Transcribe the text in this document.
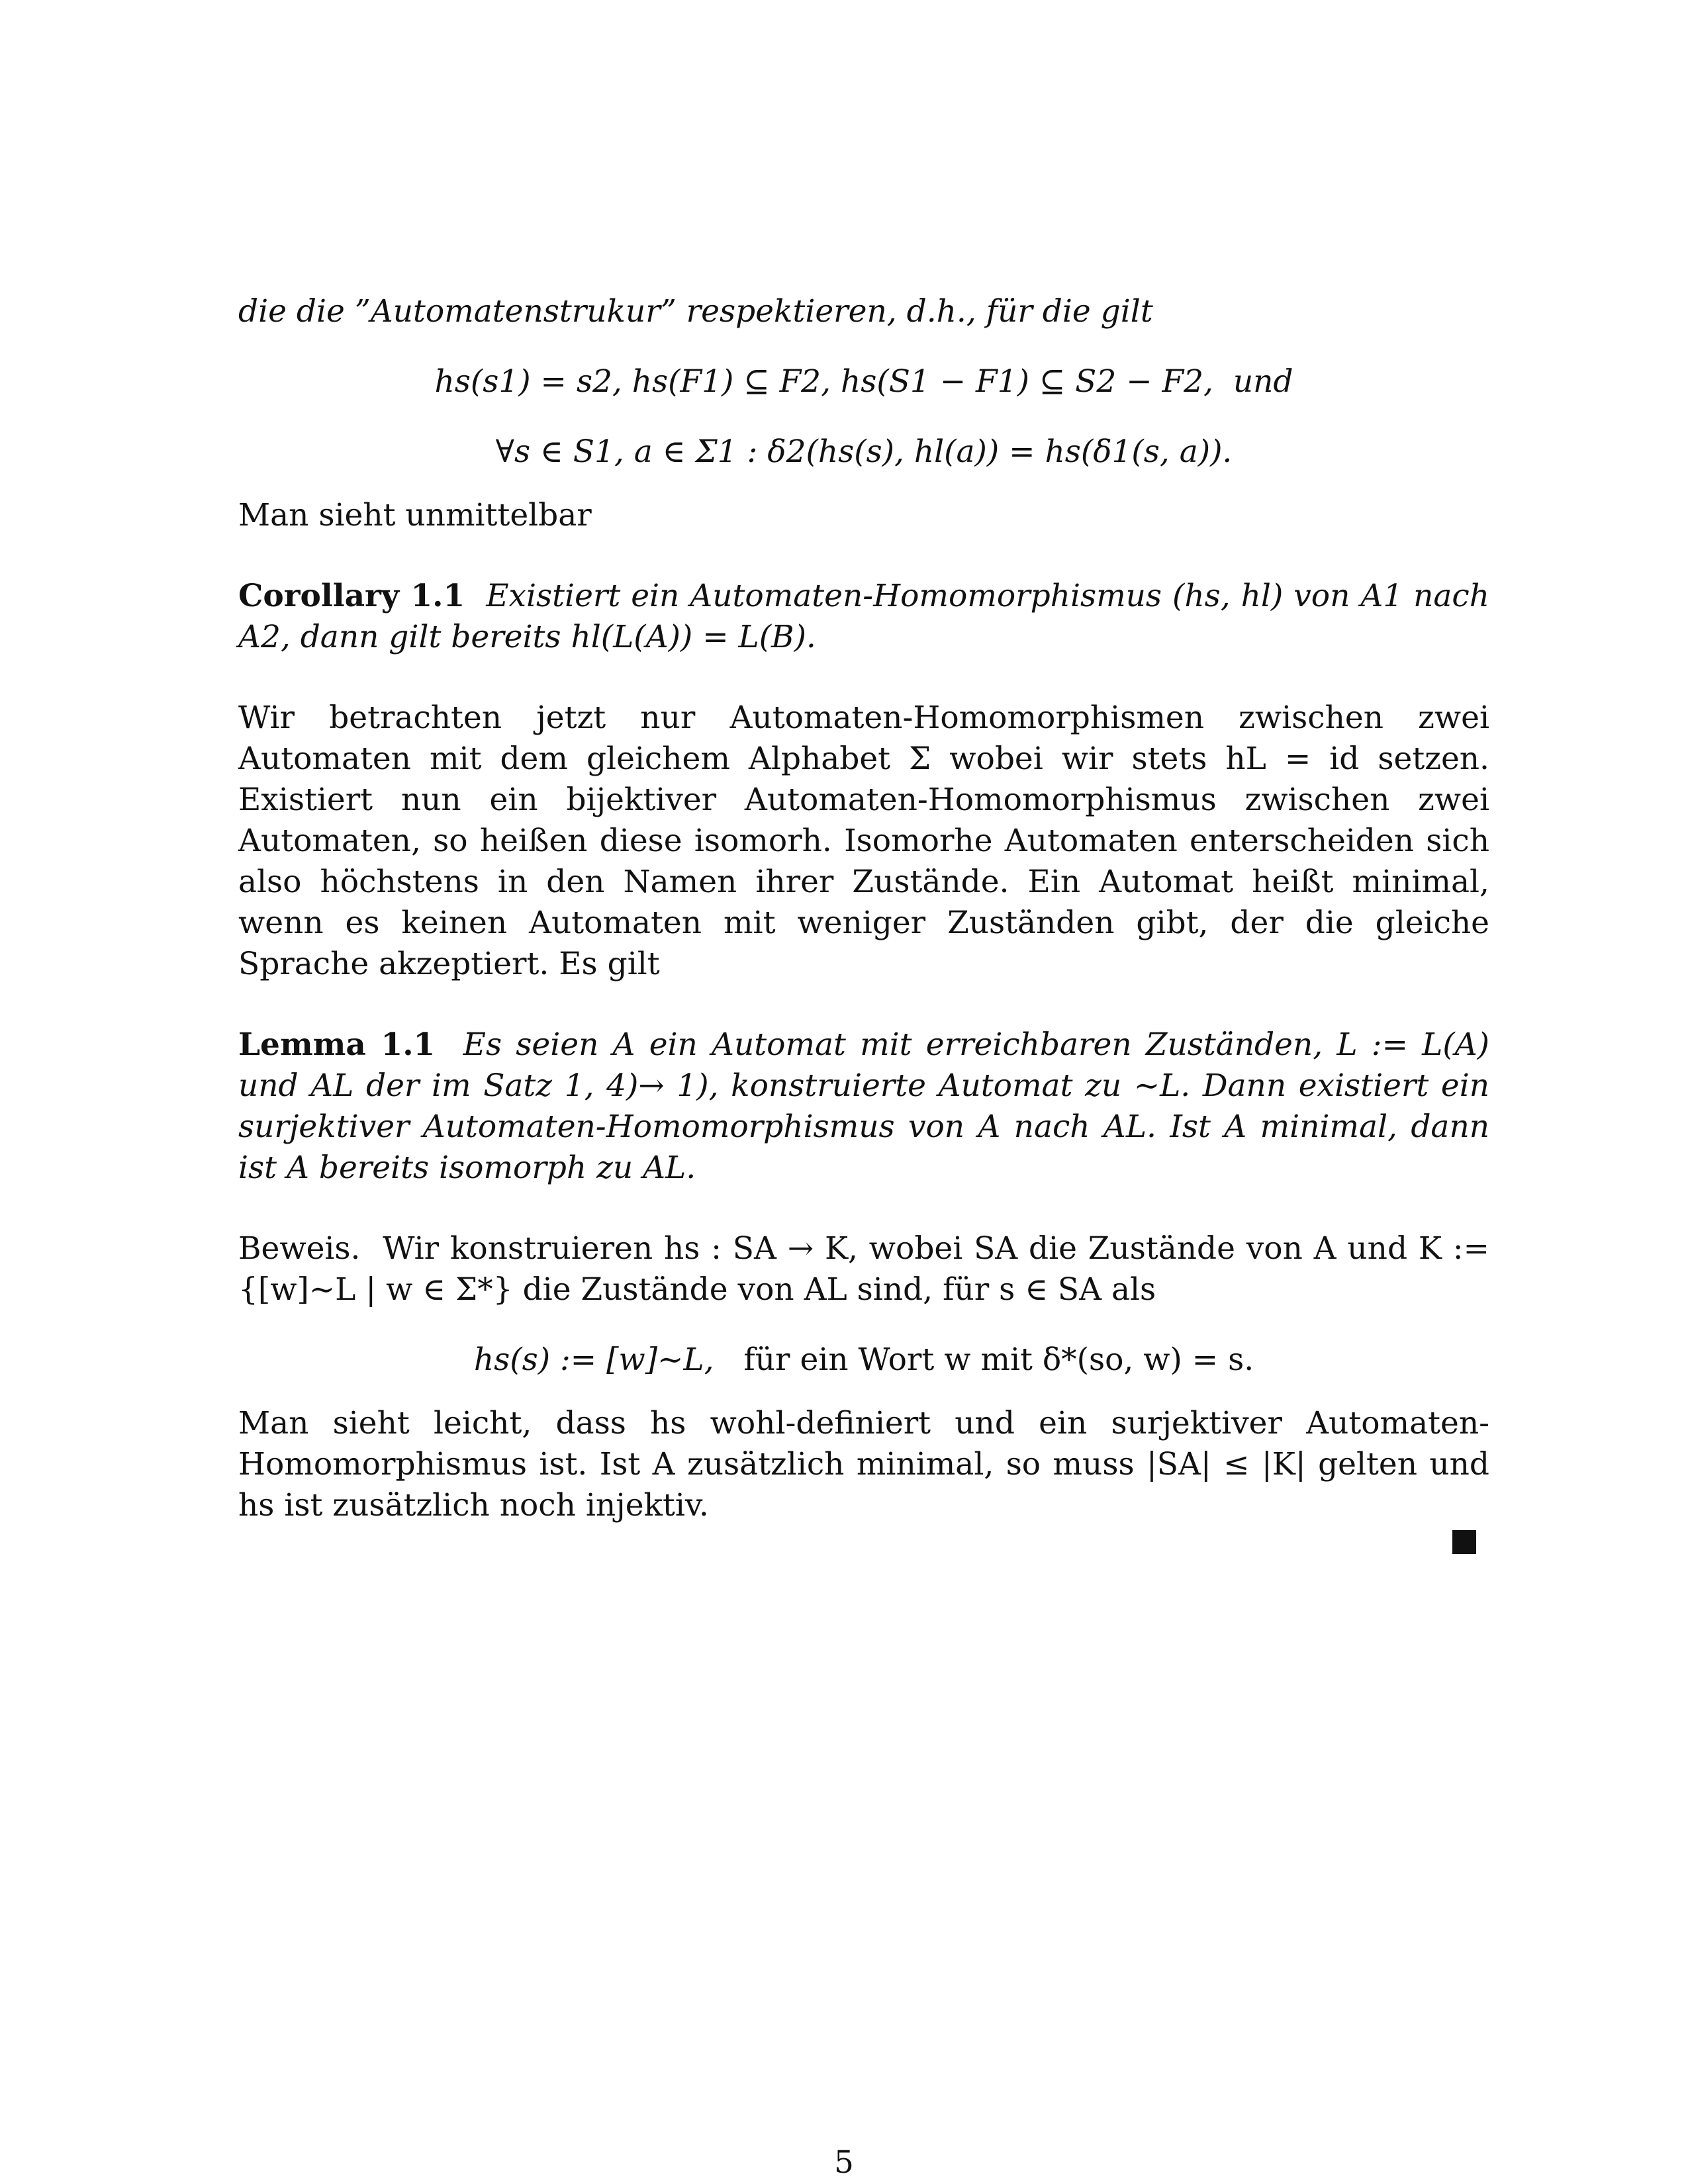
die die ”Automatenstrukur” respektieren, d.h., für die gilt

hs(s1) = s2, hs(F1) ⊆ F2, hs(S1 − F1) ⊆ S2 − F2, und
∀s ∈ S1, a ∈ Σ1 : δ2(hs(s), hl(a)) = hs(δ1(s, a)).

Man sieht unmittelbar

Corollary 1.1 Existiert ein Automaten-Homomorphismus (hs, hl) von A1 nach A2, dann gilt bereits hl(L(A)) = L(B).

Wir betrachten jetzt nur Automaten-Homomorphismen zwischen zwei Automaten mit dem gleichem Alphabet Σ wobei wir stets hL = id setzen. Existiert nun ein bijektiver Automaten-Homomorphismus zwischen zwei Automaten, so heißen diese isomorh. Isomorhe Automaten enterscheiden sich also höchstens in den Namen ihrer Zustände. Ein Automat heißt minimal, wenn es keinen Automaten mit weniger Zuständen gibt, der die gleiche Sprache akzeptiert. Es gilt

Lemma 1.1 Es seien A ein Automat mit erreichbaren Zuständen, L := L(A) und AL der im Satz 1, 4)→ 1), konstruierte Automat zu ∼L. Dann existiert ein surjektiver Automaten-Homomorphismus von A nach AL. Ist A minimal, dann ist A bereits isomorph zu AL.

Beweis. Wir konstruieren hs : SA → K, wobei SA die Zustände von A und K := {[w]∼L | w ∈ Σ*} die Zustände von AL sind, für s ∈ SA als

hs(s) := [w]∼L, für ein Wort w mit δ*(so, w) = s.

Man sieht leicht, dass hs wohl-definiert und ein surjektiver Automaten-Homomorphismus ist. Ist A zusätzlich minimal, so muss |SA| ≤ |K| gelten und hs ist zusätzlich noch injektiv.

5
